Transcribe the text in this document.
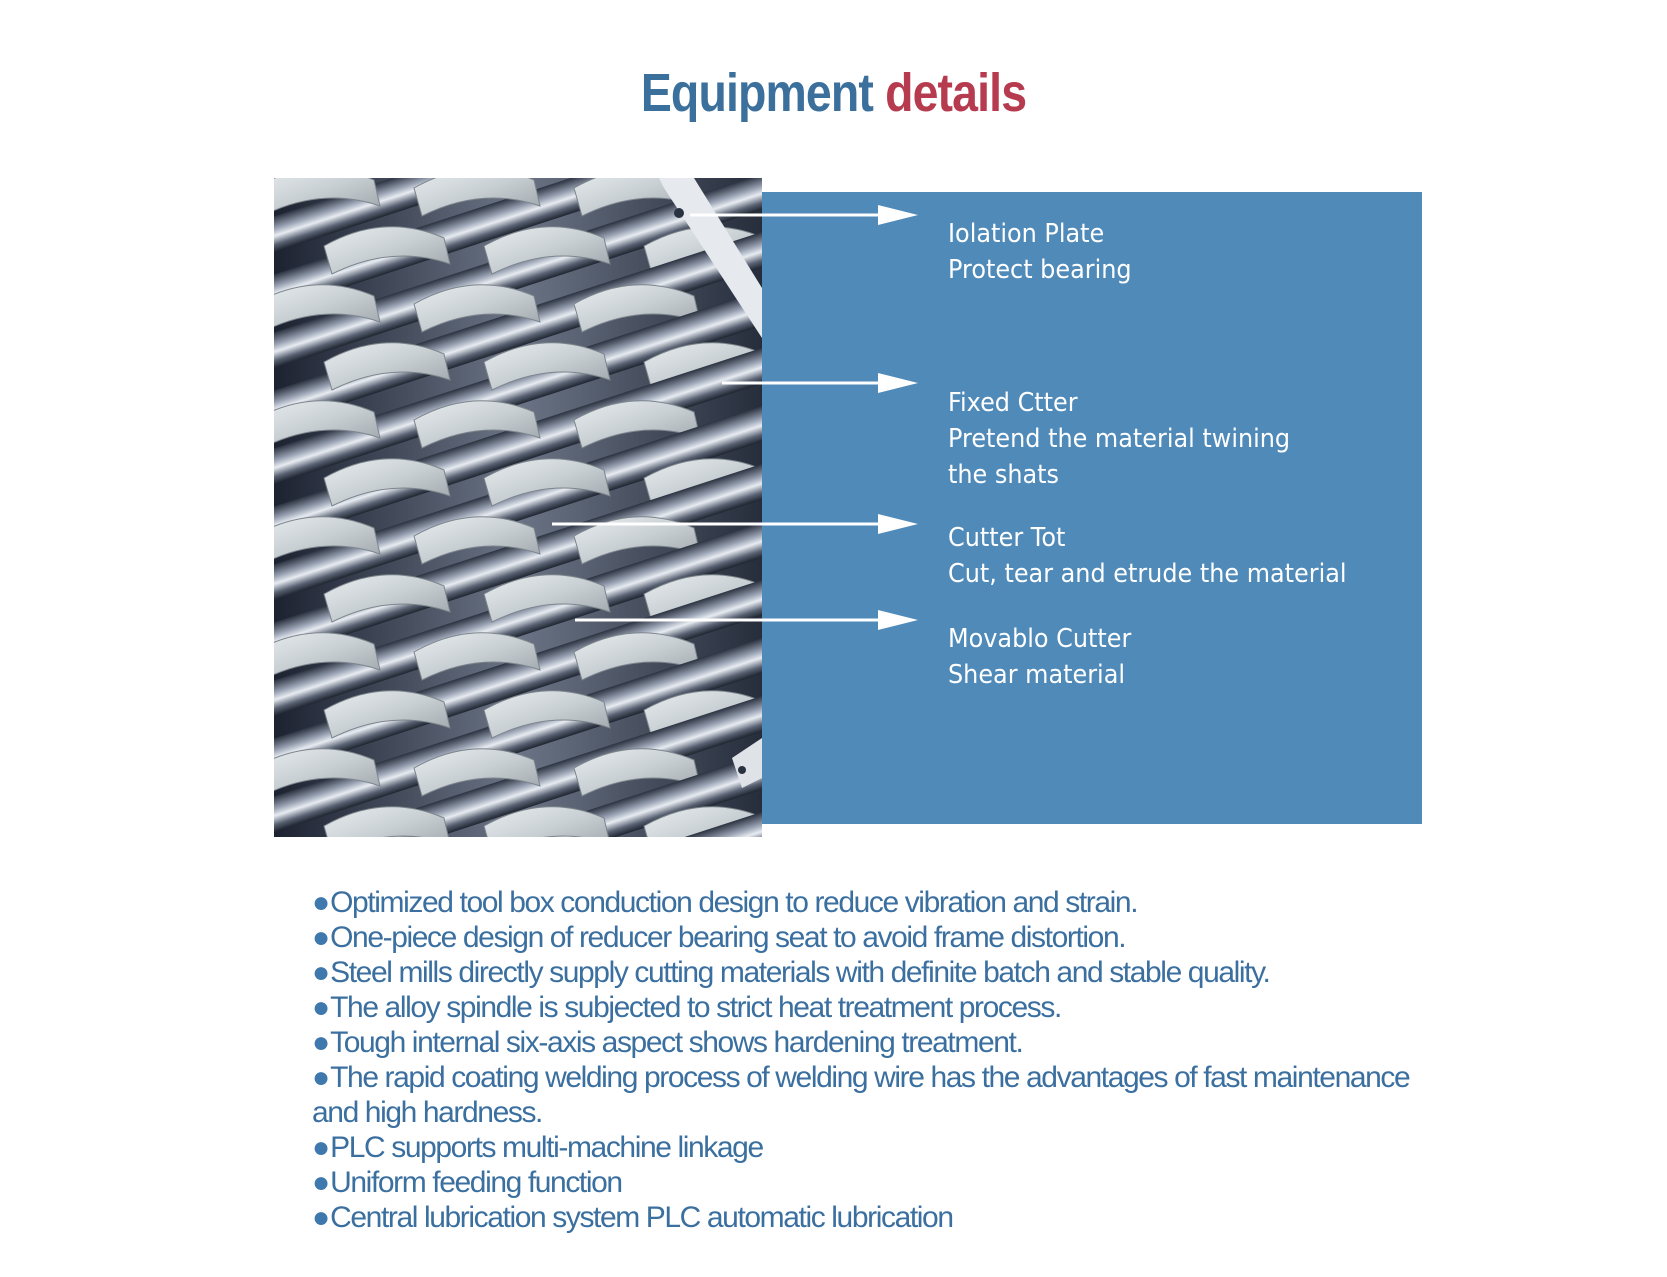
Equipment details
Iolation Plate
Protect bearing
Fixed Ctter
Pretend the material twining
the shats
Cutter Tot
Cut, tear and etrude the material
Movablo Cutter
Shear material
●Optimized tool box conduction design to reduce vibration and strain.
●One-piece design of reducer bearing seat to avoid frame distortion.
●Steel mills directly supply cutting materials with definite batch and stable quality.
●The alloy spindle is subjected to strict heat treatment process.
●Tough internal six-axis aspect shows hardening treatment.
●The rapid coating welding process of welding wire has the advantages of fast maintenance and high hardness.
●PLC supports multi-machine linkage
●Uniform feeding function
●Central lubrication system PLC automatic lubrication
